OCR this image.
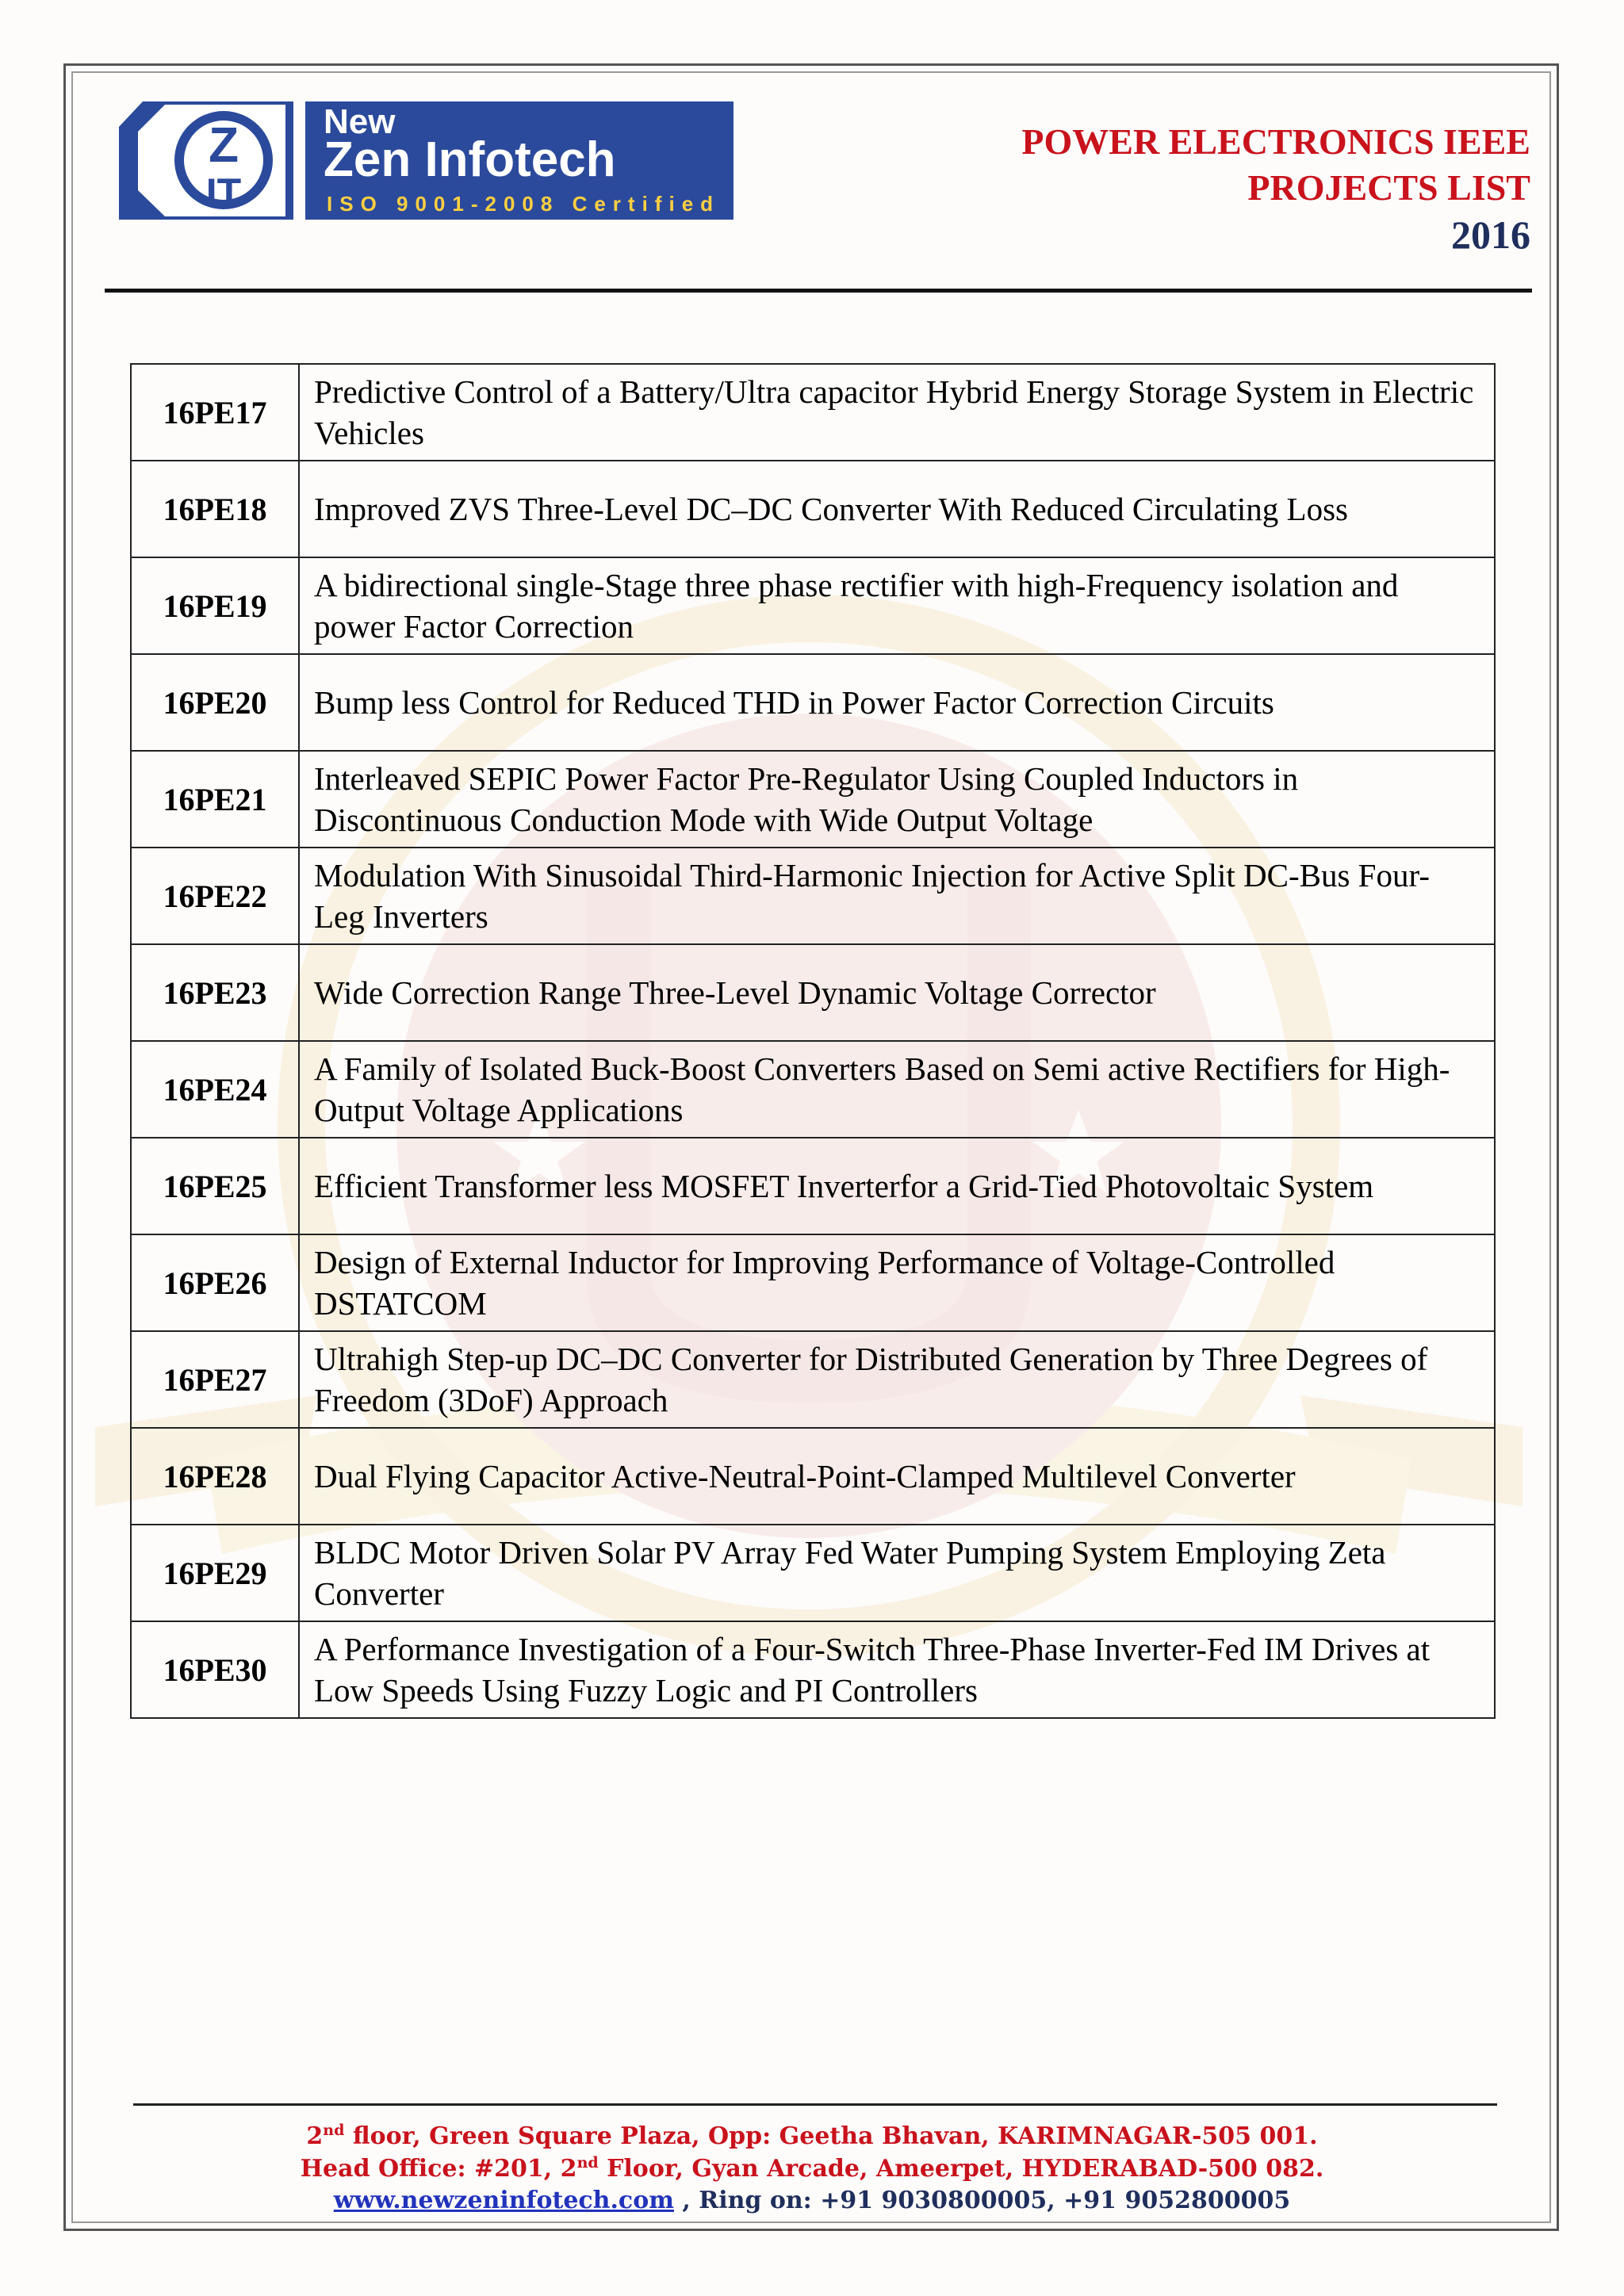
Z
IT
New
Zen Infotech
ISO 9001-2008 Certified
POWER ELECTRONICS IEEE
PROJECTS LIST
2016
16PE17	Predictive Control of a Battery/Ultra capacitor Hybrid Energy Storage System in Electric Vehicles
16PE18	Improved ZVS Three-Level DC–DC Converter With Reduced Circulating Loss
16PE19	A bidirectional single-Stage three phase rectifier with high-Frequency isolation and power Factor Correction
16PE20	Bump less Control for Reduced THD in Power Factor Correction Circuits
16PE21	Interleaved SEPIC Power Factor Pre-Regulator Using Coupled Inductors in Discontinuous Conduction Mode with Wide Output Voltage
16PE22	Modulation With Sinusoidal Third-Harmonic Injection for Active Split DC-Bus Four-Leg Inverters
16PE23	Wide Correction Range Three-Level Dynamic Voltage Corrector
16PE24	A Family of Isolated Buck-Boost Converters Based on Semi active Rectifiers for High-Output Voltage Applications
16PE25	Efficient Transformer less MOSFET Inverterfor a Grid-Tied Photovoltaic System
16PE26	Design of External Inductor for Improving Performance of Voltage-Controlled DSTATCOM
16PE27	Ultrahigh Step-up DC–DC Converter for Distributed Generation by Three Degrees of Freedom (3DoF) Approach
16PE28	Dual Flying Capacitor Active-Neutral-Point-Clamped Multilevel Converter
16PE29	BLDC Motor Driven Solar PV Array Fed Water Pumping System Employing Zeta Converter
16PE30	A Performance Investigation of a Four-Switch Three-Phase Inverter-Fed IM Drives at Low Speeds Using Fuzzy Logic and PI Controllers
2nd floor, Green Square Plaza, Opp: Geetha Bhavan, KARIMNAGAR-505 001.
Head Office: #201, 2nd Floor, Gyan Arcade, Ameerpet, HYDERABAD-500 082.
www.newzeninfotech.com , Ring on: +91 9030800005, +91 9052800005
